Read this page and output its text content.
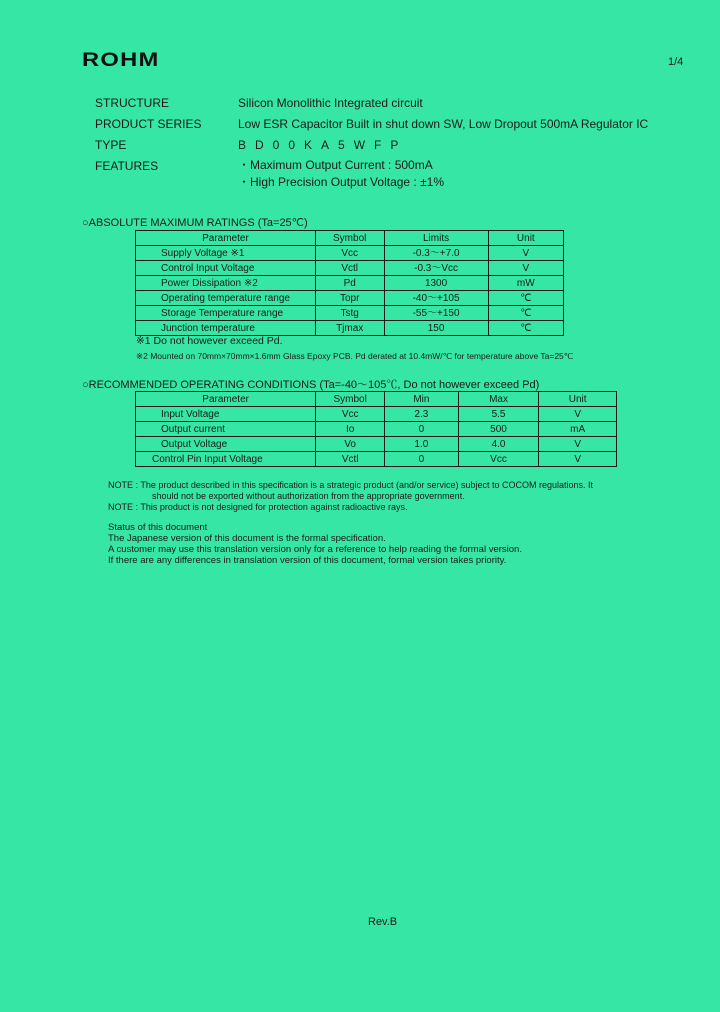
ROHM	1/4
STRUCTURE	Silicon Monolithic Integrated circuit
PRODUCT SERIES	Low ESR Capacitor Built in shut down SW, Low Dropout 500mA Regulator IC
TYPE	BD00KA5WFP
FEATURES	・Maximum Output Current : 500mA
・High Precision Output Voltage : ±1%
○ABSOLUTE MAXIMUM RATINGS (Ta=25℃)
Parameter	Symbol	Limits	Unit
Supply Voltage ※1	Vcc	-0.3～+7.0	V
Control Input Voltage	Vctl	-0.3～Vcc	V
Power Dissipation ※2	Pd	1300	mW
Operating temperature range	Topr	-40～+105	℃
Storage Temperature range	Tstg	-55～+150	℃
Junction temperature	Tjmax	150	℃
※1 Do not however exceed Pd.
※2 Mounted on 70mm×70mm×1.6mm Glass Epoxy PCB. Pd derated at 10.4mW/℃ for temperature above Ta=25℃
○RECOMMENDED OPERATING CONDITIONS (Ta=-40～105℃, Do not however exceed Pd)
Parameter	Symbol	Min	Max	Unit
Input Voltage	Vcc	2.3	5.5	V
Output current	Io	0	500	mA
Output Voltage	Vo	1.0	4.0	V
Control Pin Input Voltage	Vctl	0	Vcc	V
NOTE : The product described in this specification is a strategic product (and/or service) subject to COCOM regulations. It
should not be exported without authorization from the appropriate government.
NOTE : This product is not designed for protection against radioactive rays.
Status of this document
The Japanese version of this document is the formal specification.
A customer may use this translation version only for a reference to help reading the formal version.
If there are any differences in translation version of this document, formal version takes priority.
Rev.B
